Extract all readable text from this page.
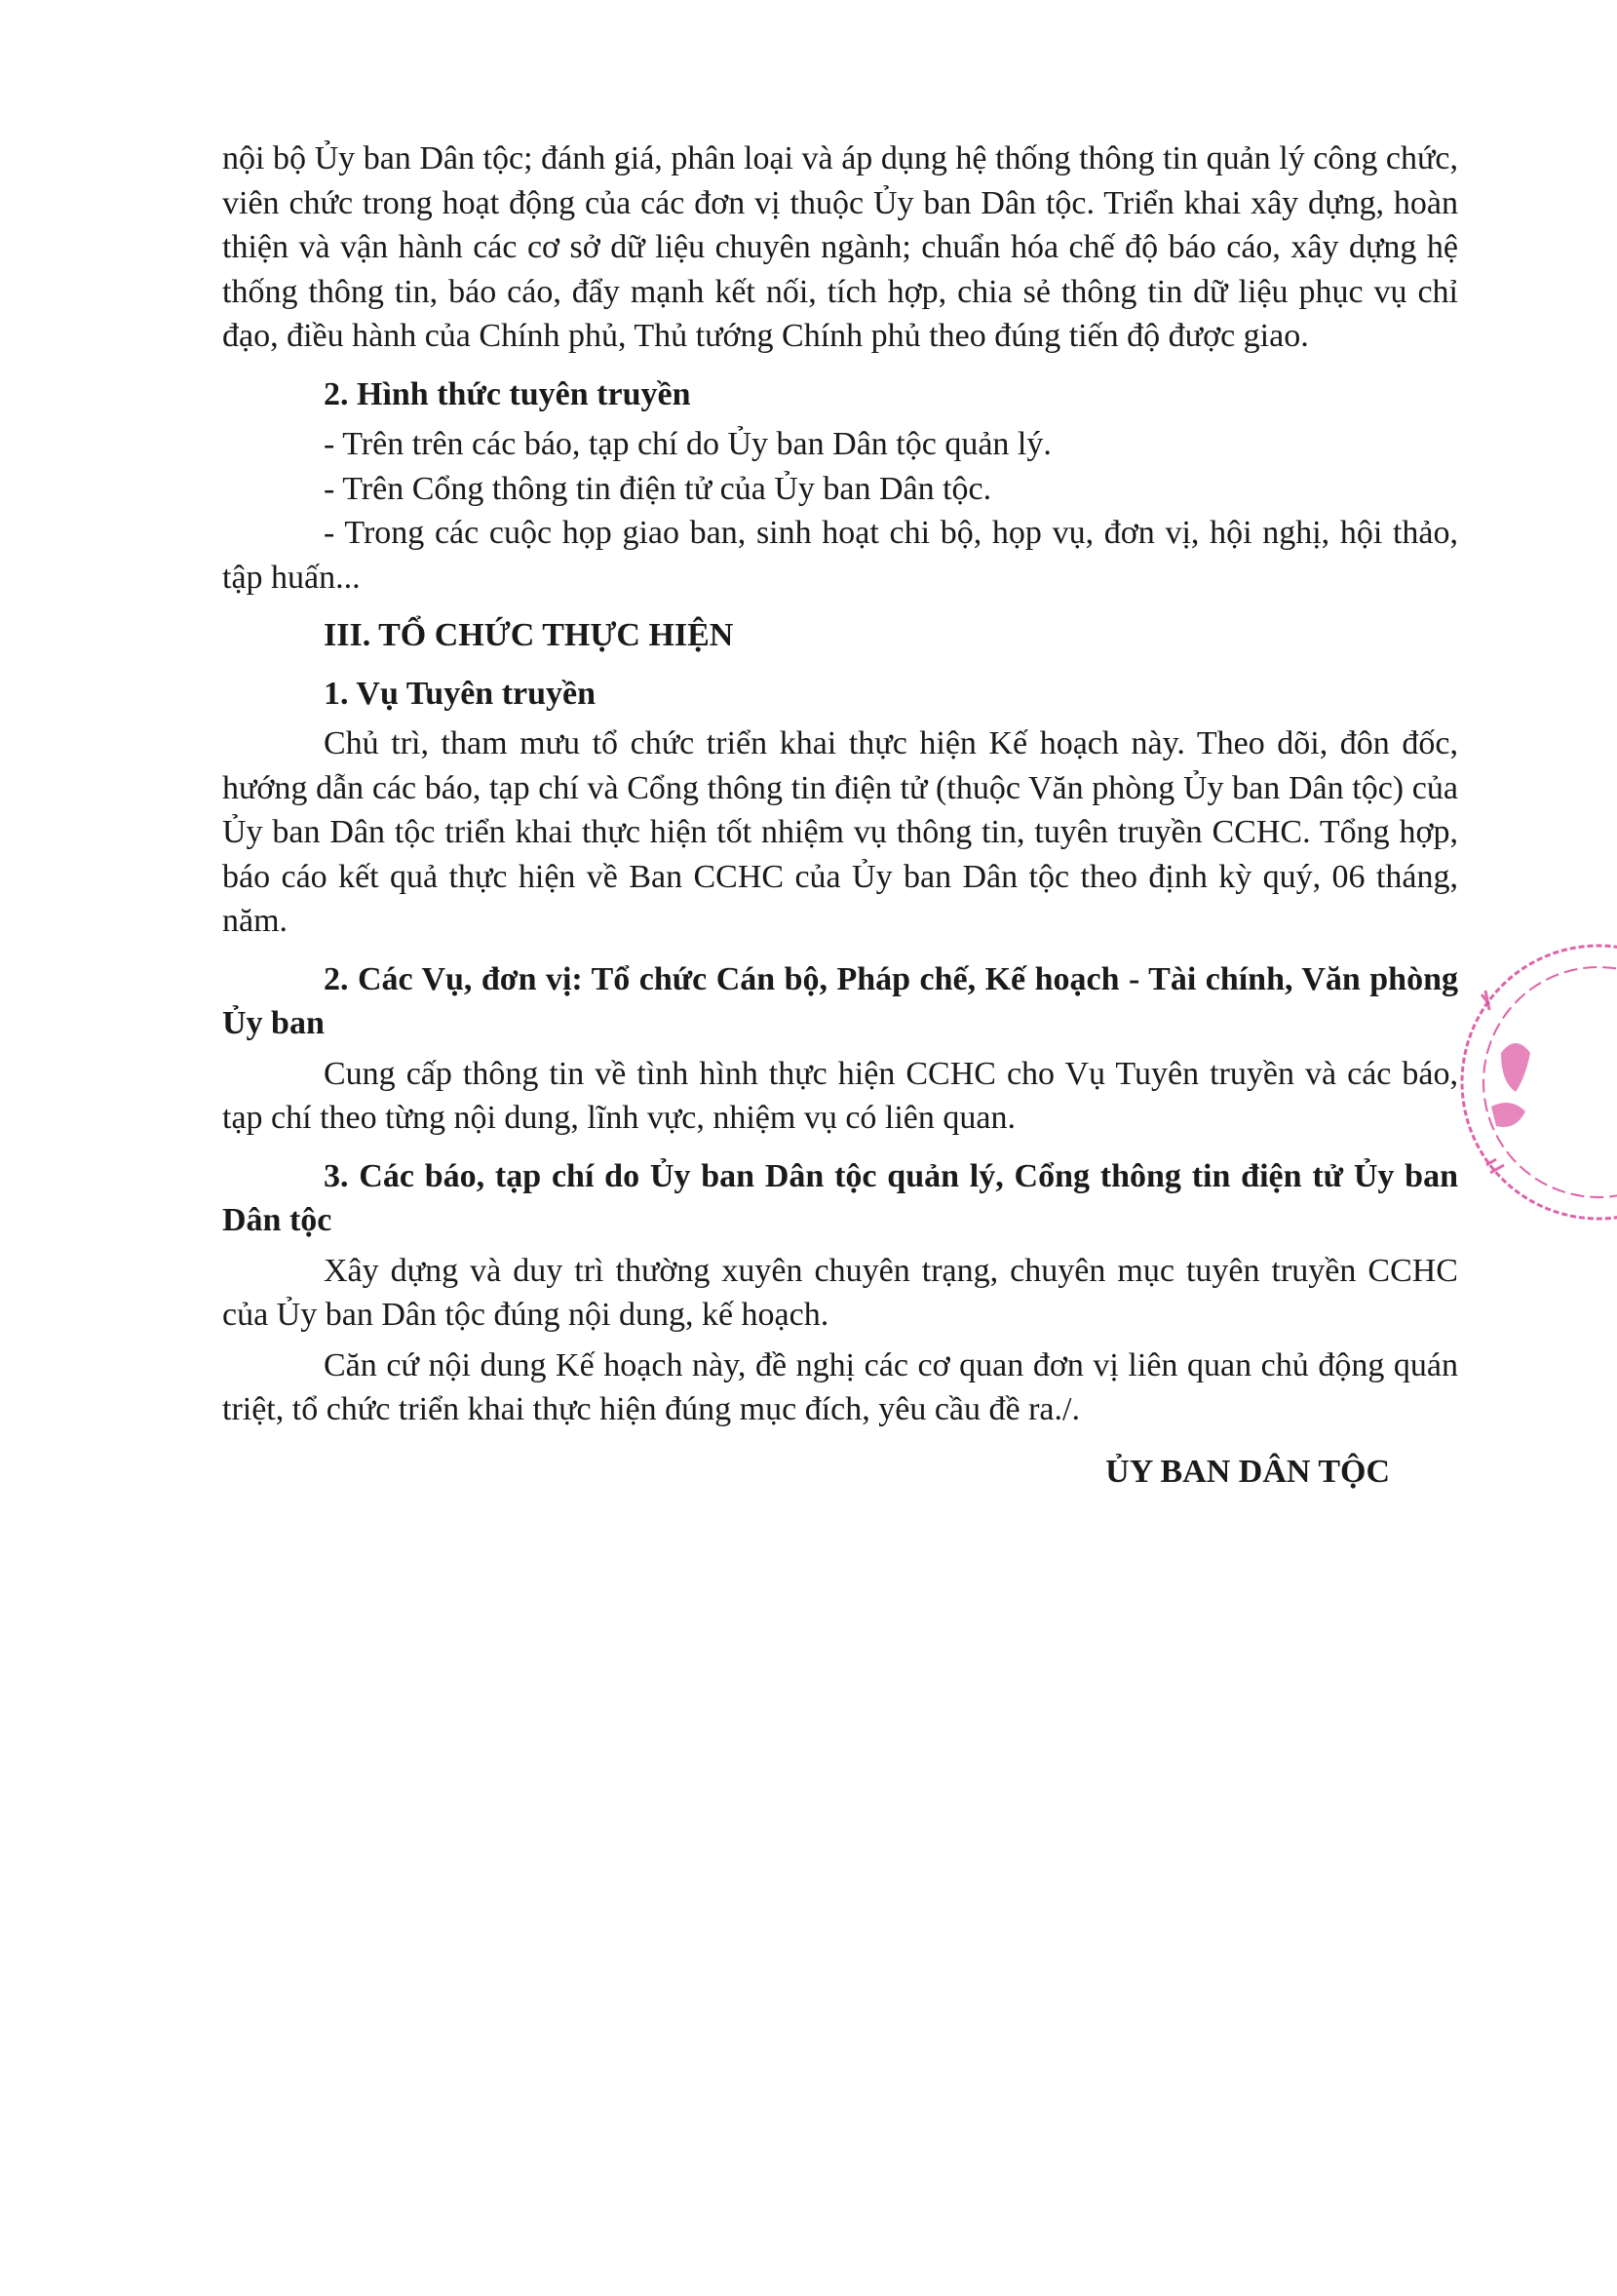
nội bộ Ủy ban Dân tộc; đánh giá, phân loại và áp dụng hệ thống thông tin quản lý công chức, viên chức trong hoạt động của các đơn vị thuộc Ủy ban Dân tộc. Triển khai xây dựng, hoàn thiện và vận hành các cơ sở dữ liệu chuyên ngành; chuẩn hóa chế độ báo cáo, xây dựng hệ thống thông tin, báo cáo, đẩy mạnh kết nối, tích hợp, chia sẻ thông tin dữ liệu phục vụ chỉ đạo, điều hành của Chính phủ, Thủ tướng Chính phủ theo đúng tiến độ được giao.

2. Hình thức tuyên truyền

- Trên trên các báo, tạp chí do Ủy ban Dân tộc quản lý.

- Trên Cổng thông tin điện tử của Ủy ban Dân tộc.

- Trong các cuộc họp giao ban, sinh hoạt chi bộ, họp vụ, đơn vị, hội nghị, hội thảo, tập huấn...

III. TỔ CHỨC THỰC HIỆN

1. Vụ Tuyên truyền

Chủ trì, tham mưu tổ chức triển khai thực hiện Kế hoạch này. Theo dõi, đôn đốc, hướng dẫn các báo, tạp chí và Cổng thông tin điện tử (thuộc Văn phòng Ủy ban Dân tộc) của Ủy ban Dân tộc triển khai thực hiện tốt nhiệm vụ thông tin, tuyên truyền CCHC. Tổng hợp, báo cáo kết quả thực hiện về Ban CCHC của Ủy ban Dân tộc theo định kỳ quý, 06 tháng, năm.

2. Các Vụ, đơn vị: Tổ chức Cán bộ, Pháp chế, Kế hoạch - Tài chính, Văn phòng Ủy ban

Cung cấp thông tin về tình hình thực hiện CCHC cho Vụ Tuyên truyền và các báo, tạp chí theo từng nội dung, lĩnh vực, nhiệm vụ có liên quan.

3. Các báo, tạp chí do Ủy ban Dân tộc quản lý, Cổng thông tin điện tử Ủy ban Dân tộc

Xây dựng và duy trì thường xuyên chuyên trạng, chuyên mục tuyên truyền CCHC của Ủy ban Dân tộc đúng nội dung, kế hoạch.

Căn cứ nội dung Kế hoạch này, đề nghị các cơ quan đơn vị liên quan chủ động quán triệt, tổ chức triển khai thực hiện đúng mục đích, yêu cầu đề ra./.

ỦY BAN DÂN TỘC
